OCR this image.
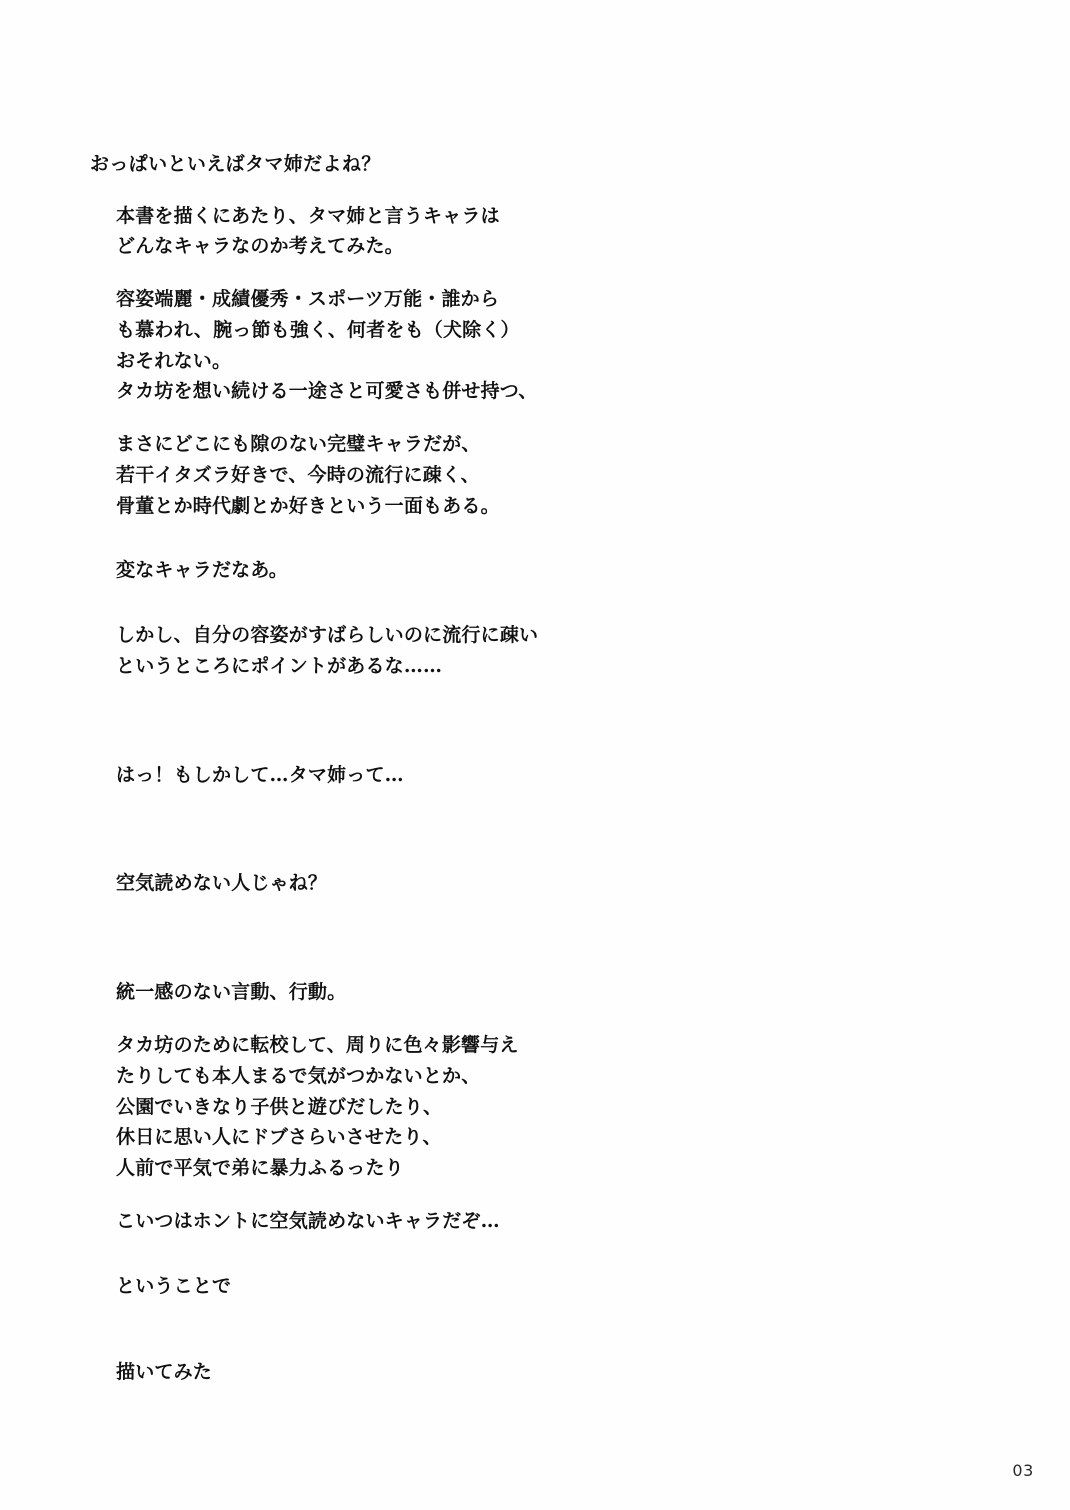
おっぱいといえばタマ姉だよね？
本書を描くにあたり、タマ姉と言うキャラは
どんなキャラなのか考えてみた。
容姿端麗・成績優秀・スポーツ万能・誰から
も慕われ、腕っ節も強く、何者をも（犬除く）
おそれない。
タカ坊を想い続ける一途さと可愛さも併せ持つ、
まさにどこにも隙のない完璧キャラだが、
若干イタズラ好きで、今時の流行に疎く、
骨董とか時代劇とか好きという一面もある。
変なキャラだなあ。
しかし、自分の容姿がすばらしいのに流行に疎い
というところにポイントがあるな……
はっ！もしかして…タマ姉って…
空気読めない人じゃね？
統一感のない言動、行動。
タカ坊のために転校して、周りに色々影響与え
たりしても本人まるで気がつかないとか、
公園でいきなり子供と遊びだしたり、
休日に思い人にドブさらいさせたり、
人前で平気で弟に暴力ふるったり
こいつはホントに空気読めないキャラだぞ…
ということで
描いてみた
03
